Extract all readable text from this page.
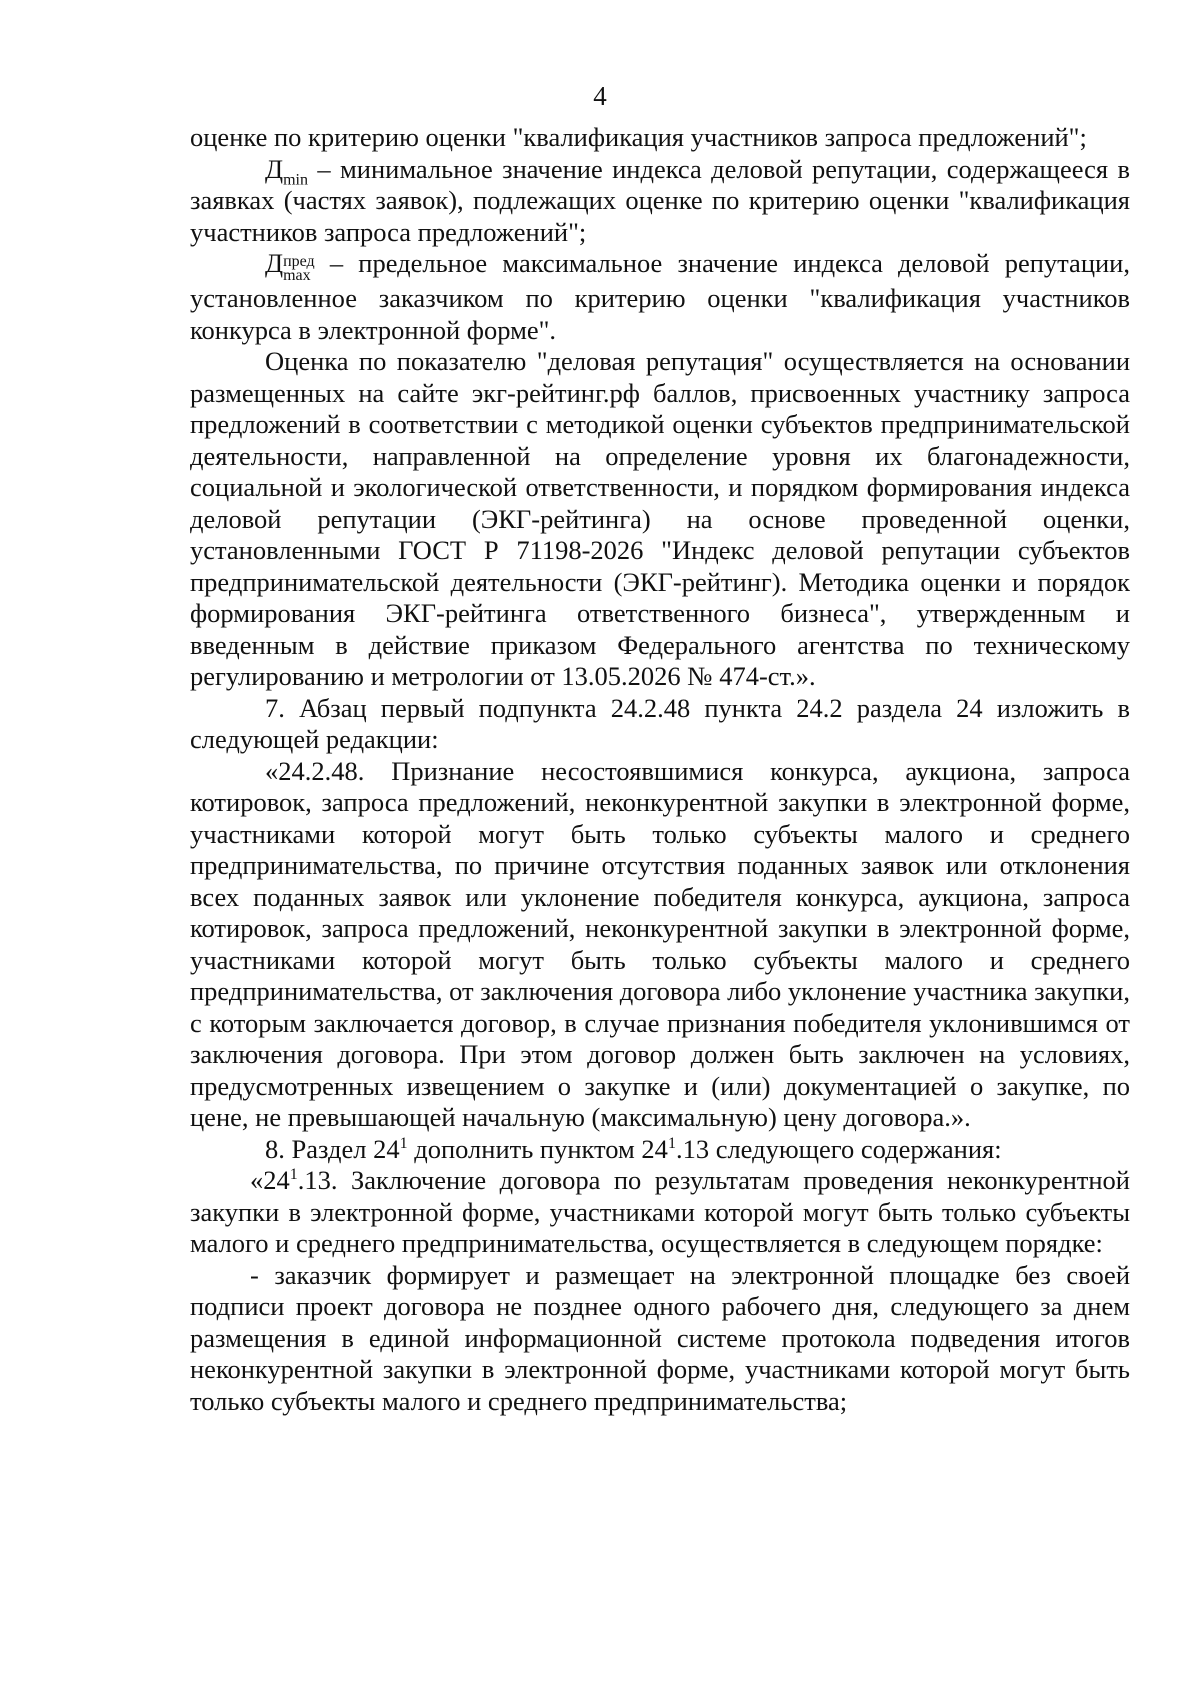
4

оценке по критерию оценки "квалификация участников запроса предложений";

$Д_{min}$ – минимальное значение индекса деловой репутации, содержащееся в заявках (частях заявок), подлежащих оценке по критерию оценки "квалификация участников запроса предложений";

Д пред
max – предельное максимальное значение индекса деловой репутации, установленное заказчиком по критерию оценки "квалификация участников конкурса в электронной форме".

Оценка по показателю "деловая репутация" осуществляется на основании размещенных на сайте экг-рейтинг.рф баллов, присвоенных участнику запроса предложений в соответствии с методикой оценки субъектов предпринимательской деятельности, направленной на определение уровня их благонадежности, социальной и экологической ответственности, и порядком формирования индекса деловой репутации (ЭКГ-рейтинга) на основе проведенной оценки, установленными ГОСТ Р 71198-2026 "Индекс деловой репутации субъектов предпринимательской деятельности (ЭКГ-рейтинг). Методика оценки и порядок формирования ЭКГ-рейтинга ответственного бизнеса", утвержденным и введенным в действие приказом Федерального агентства по техническому регулированию и метрологии от 13.05.2026 № 474-ст.».

7. Абзац первый подпункта 24.2.48 пункта 24.2 раздела 24 изложить в следующей редакции:

«24.2.48. Признание несостоявшимися конкурса, аукциона, запроса котировок, запроса предложений, неконкурентной закупки в электронной форме, участниками которой могут быть только субъекты малого и среднего предпринимательства, по причине отсутствия поданных заявок или отклонения всех поданных заявок или уклонение победителя конкурса, аукциона, запроса котировок, запроса предложений, неконкурентной закупки в электронной форме, участниками которой могут быть только субъекты малого и среднего предпринимательства, от заключения договора либо уклонение участника закупки, с которым заключается договор, в случае признания победителя уклонившимся от заключения договора. При этом договор должен быть заключен на условиях, предусмотренных извещением о закупке и (или) документацией о закупке, по цене, не превышающей начальную (максимальную) цену договора.».

8. Раздел $24^1$ дополнить пунктом $24^1.13$ следующего содержания:

«$24^1.13$. Заключение договора по результатам проведения неконкурентной закупки в электронной форме, участниками которой могут быть только субъекты малого и среднего предпринимательства, осуществляется в следующем порядке:

- заказчик формирует и размещает на электронной площадке без своей подписи проект договора не позднее одного рабочего дня, следующего за днем размещения в единой информационной системе протокола подведения итогов неконкурентной закупки в электронной форме, участниками которой могут быть только субъекты малого и среднего предпринимательства;
